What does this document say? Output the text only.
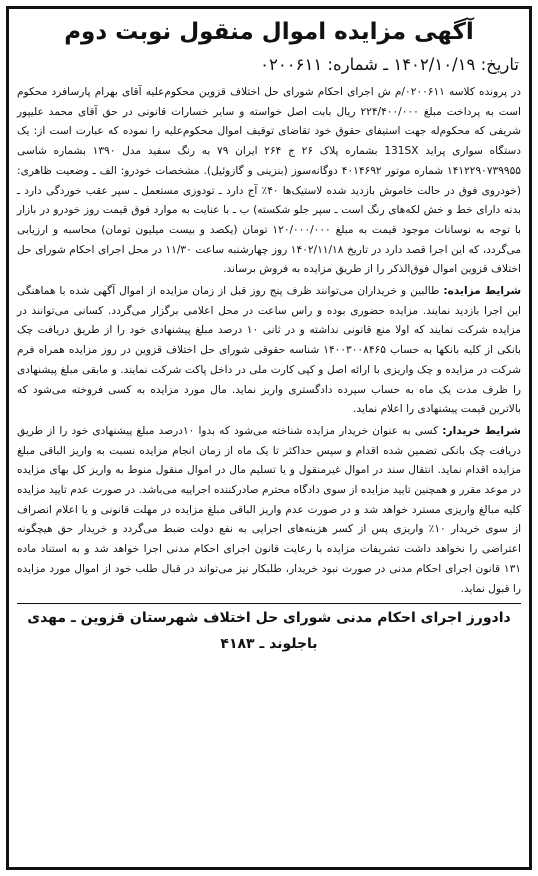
آگهی مزایده اموال منقول نوبت دوم
تاریخ: ۱۴۰۲/۱۰/۱۹ ـ شماره: ۰۲۰۰۶۱۱

در پرونده کلاسه ۰۲۰۰۶۱۱/م ش اجرای احکام شورای حل اختلاف قزوین محکوم‌علیه آقای بهرام پارسافرد محکوم است به پرداخت مبلغ ۲۲۴/۴۰۰/۰۰۰ ریال بابت اصل خواسته و سایر خسارات قانونی در حق آقای محمد علیپور شریفی که محکوم‌له جهت استیفای حقوق خود تقاضای توقیف اموال محکوم‌علیه را نموده که عبارت است از: یک دستگاه سواری پراید 131SX بشماره پلاک ۲۶ ج ۲۶۴ ایران ۷۹ به رنگ سفید مدل ۱۳۹۰ بشماره شاسی ۱۴۱۲۲۹۰۷۳۹۹۵۵ شماره موتور ۴۰۱۴۶۹۲ دوگانه‌سوز (بنزینی و گازوئیل). مشخصات خودرو: الف ـ وضعیت ظاهری: (خودروی فوق در حالت خاموش بازدید شده لاستیک‌ها ۴۰٪ آج دارد ـ تودوزی مستعمل ـ سپر عقب خوردگی دارد ـ بدنه دارای خط و خش لکه‌های رنگ است ـ سپر جلو شکسته) ب ـ با عنایت به موارد فوق قیمت روز خودرو در بازار با توجه به نوسانات موجود قیمت به مبلغ ۱۲۰/۰۰۰/۰۰۰ تومان (یکصد و بیست میلیون تومان) محاسبه و ارزیابی می‌گردد، که این اجرا قصد دارد در تاریخ ۱۴۰۲/۱۱/۱۸ روز چهارشنبه ساعت ۱۱/۳۰ در محل اجرای احکام شورای حل اختلاف قزوین اموال فوق‌الذکر را از طریق مزایده به فروش برساند.

شرایط مزایده: طالبین و خریداران می‌توانند ظرف پنج روز قبل از زمان مزایده از اموال آگهی شده با هماهنگی این اجرا بازدید نمایند. مزایده حضوری بوده و راس ساعت در محل اعلامی برگزار می‌گردد. کسانی می‌توانند در مزایده شرکت نمایند که اولا منع قانونی نداشته و در ثانی ۱۰ درصد مبلغ پیشنهادی خود را از طریق دریافت چک بانکی از کلیه بانکها به حساب ۱۴۰۰۳۰۰۸۴۶۵ شناسه حقوقی شورای حل اختلاف قزوین در روز مزایده همراه فرم شرکت در مزایده و چک واریزی با ارائه اصل و کپی کارت ملی در داخل پاکت شرکت نمایند. و مابقی مبلغ پیشنهادی را ظرف مدت یک ماه به حساب سپرده دادگستری واریز نماید. مال مورد مزایده به کسی فروخته می‌شود که بالاترین قیمت پیشنهادی را اعلام نماید.

شرایط خریدار: کسی به عنوان خریدار مزایده شناخته می‌شود که بدوا ۱۰درصد مبلغ پیشنهادی خود را از طریق دریافت چک بانکی تضمین شده اقدام و سپس حداکثر تا یک ماه از زمان انجام مزایده نسبت به واریز الباقی مبلغ مزایده اقدام نماید. انتقال سند در اموال غیرمنقول و یا تسلیم مال در اموال منقول منوط به واریز کل بهای مزایده در موعد مقرر و همچنین تایید مزایده از سوی دادگاه محترم صادرکننده اجراییه می‌باشد. در صورت عدم تایید مزایده کلیه مبالغ واریزی مسترد خواهد شد و در صورت عدم واریز الباقی مبلغ مزایده در مهلت قانونی و یا اعلام انصراف از سوی خریدار ۱۰٪ واریزی پس از کسر هزینه‌های اجرایی به نفع دولت ضبط می‌گردد و خریدار حق هیچگونه اعتراضی را نخواهد داشت تشریفات مزایده با رعایت قانون اجرای احکام مدنی اجرا خواهد شد و به استناد ماده ۱۳۱ قانون اجرای احکام مدنی در صورت نبود خریدار، طلبکار نیز می‌تواند در قبال طلب خود از اموال مورد مزایده را قبول نماید.

دادورز اجرای احکام مدنی شورای حل اختلاف شهرستان قزوین ـ مهدی باجلوند ـ ۴۱۸۳
